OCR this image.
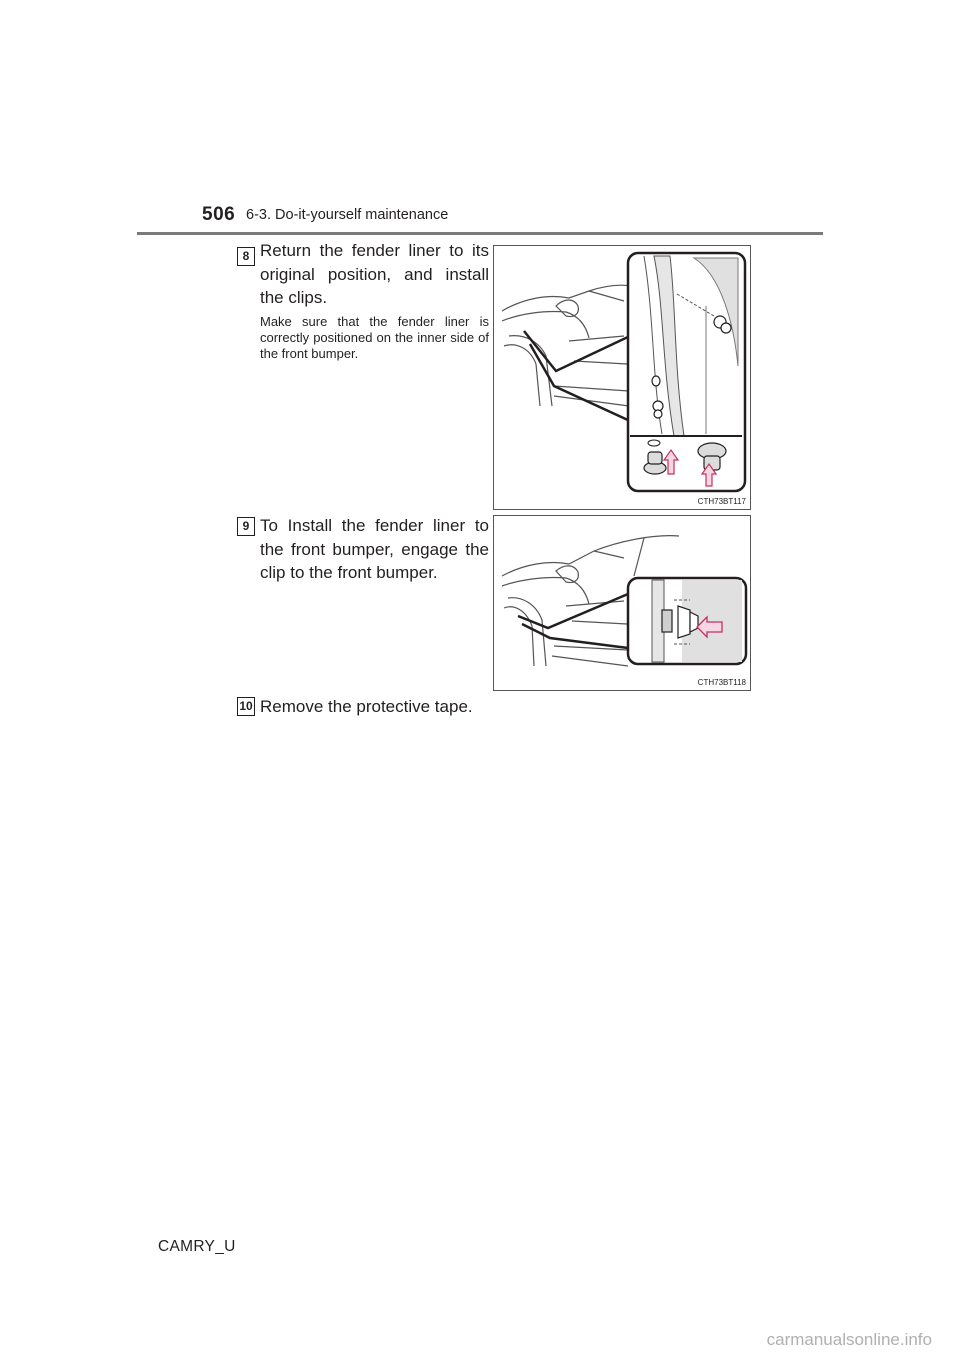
506 6-3. Do-it-yourself maintenance
8 Return the fender liner to its original position, and install the clips.
Make sure that the fender liner is correctly positioned on the inner side of the front bumper.
CTH73BT117
9 To Install the fender liner to the front bumper, engage the clip to the front bumper.
CTH73BT118
10 Remove the protective tape.
CAMRY_U
carmanualsonline.info
